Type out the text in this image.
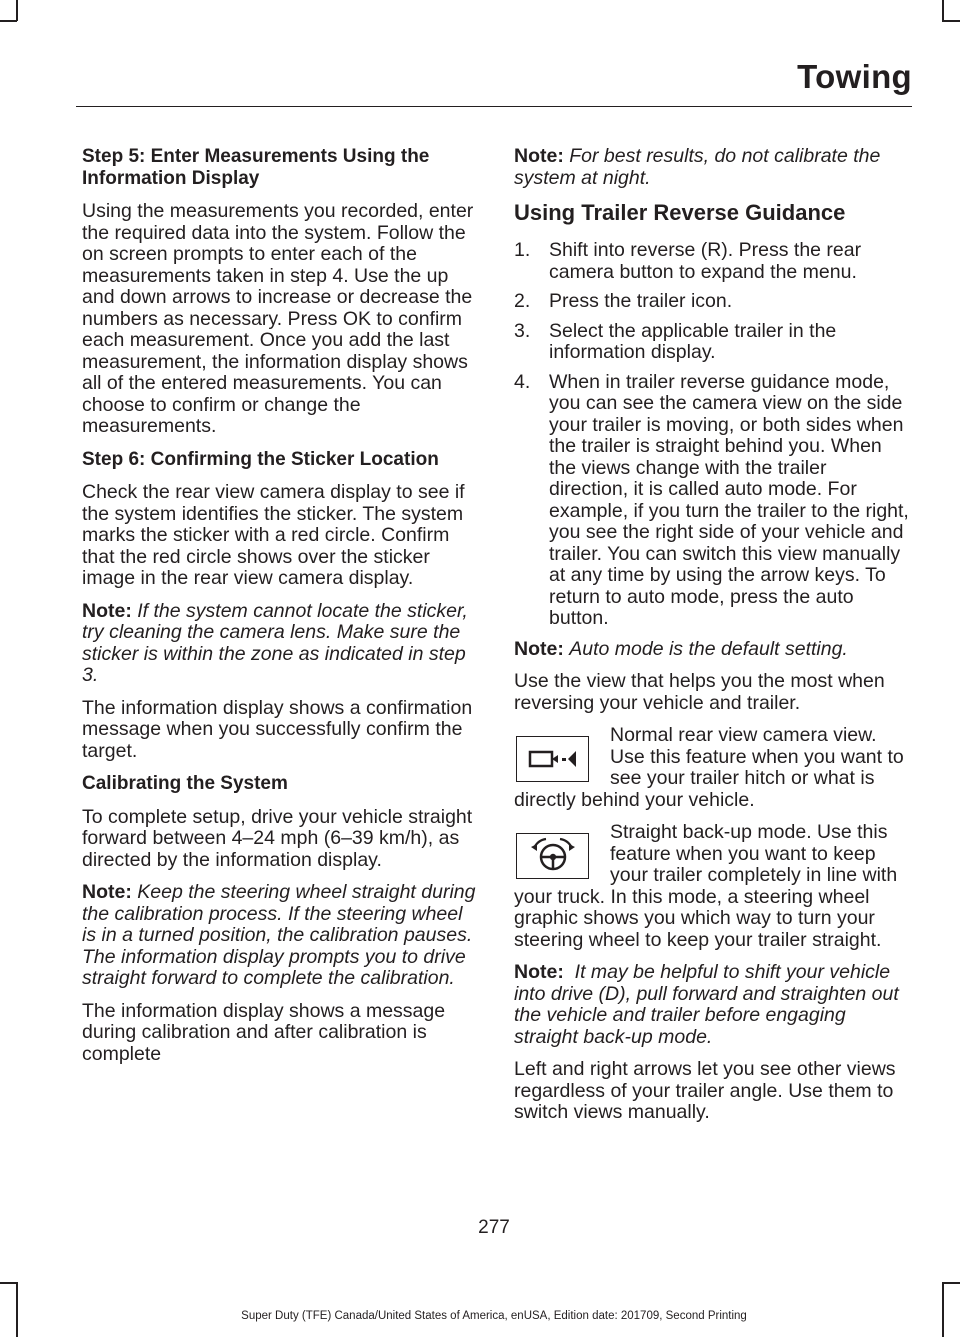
Towing

Step 5: Enter Measurements Using the Information Display

Using the measurements you recorded, enter the required data into the system. Follow the on screen prompts to enter each of the measurements taken in step 4. Use the up and down arrows to increase or decrease the numbers as necessary. Press OK to confirm each measurement. Once you add the last measurement, the information display shows all of the entered measurements. You can choose to confirm or change the measurements.

Step 6: Confirming the Sticker Location

Check the rear view camera display to see if the system identifies the sticker. The system marks the sticker with a red circle. Confirm that the red circle shows over the sticker image in the rear view camera display.

Note: If the system cannot locate the sticker, try cleaning the camera lens. Make sure the sticker is within the zone as indicated in step 3.

The information display shows a confirmation message when you successfully confirm the target.

Calibrating the System

To complete setup, drive your vehicle straight forward between 4–24 mph (6–39 km/h), as directed by the information display.

Note: Keep the steering wheel straight during the calibration process. If the steering wheel is in a turned position, the calibration pauses. The information display prompts you to drive straight forward to complete the calibration.

The information display shows a message during calibration and after calibration is complete

Note: For best results, do not calibrate the system at night.

Using Trailer Reverse Guidance

1. Shift into reverse (R). Press the rear camera button to expand the menu.
2. Press the trailer icon.
3. Select the applicable trailer in the information display.
4. When in trailer reverse guidance mode, you can see the camera view on the side your trailer is moving, or both sides when the trailer is straight behind you. When the views change with the trailer direction, it is called auto mode. For example, if you turn the trailer to the right, you see the right side of your vehicle and trailer. You can switch this view manually at any time by using the arrow keys. To return to auto mode, press the auto button.

Note: Auto mode is the default setting.

Use the view that helps you the most when reversing your vehicle and trailer.

Normal rear view camera view. Use this feature when you want to see your trailer hitch or what is directly behind your vehicle.

Straight back-up mode. Use this feature when you want to keep your trailer completely in line with your truck. In this mode, a steering wheel graphic shows you which way to turn your steering wheel to keep your trailer straight.

Note: It may be helpful to shift your vehicle into drive (D), pull forward and straighten out the vehicle and trailer before engaging straight back-up mode.

Left and right arrows let you see other views regardless of your trailer angle. Use them to switch views manually.

277
Super Duty (TFE) Canada/United States of America, enUSA, Edition date: 201709, Second Printing
